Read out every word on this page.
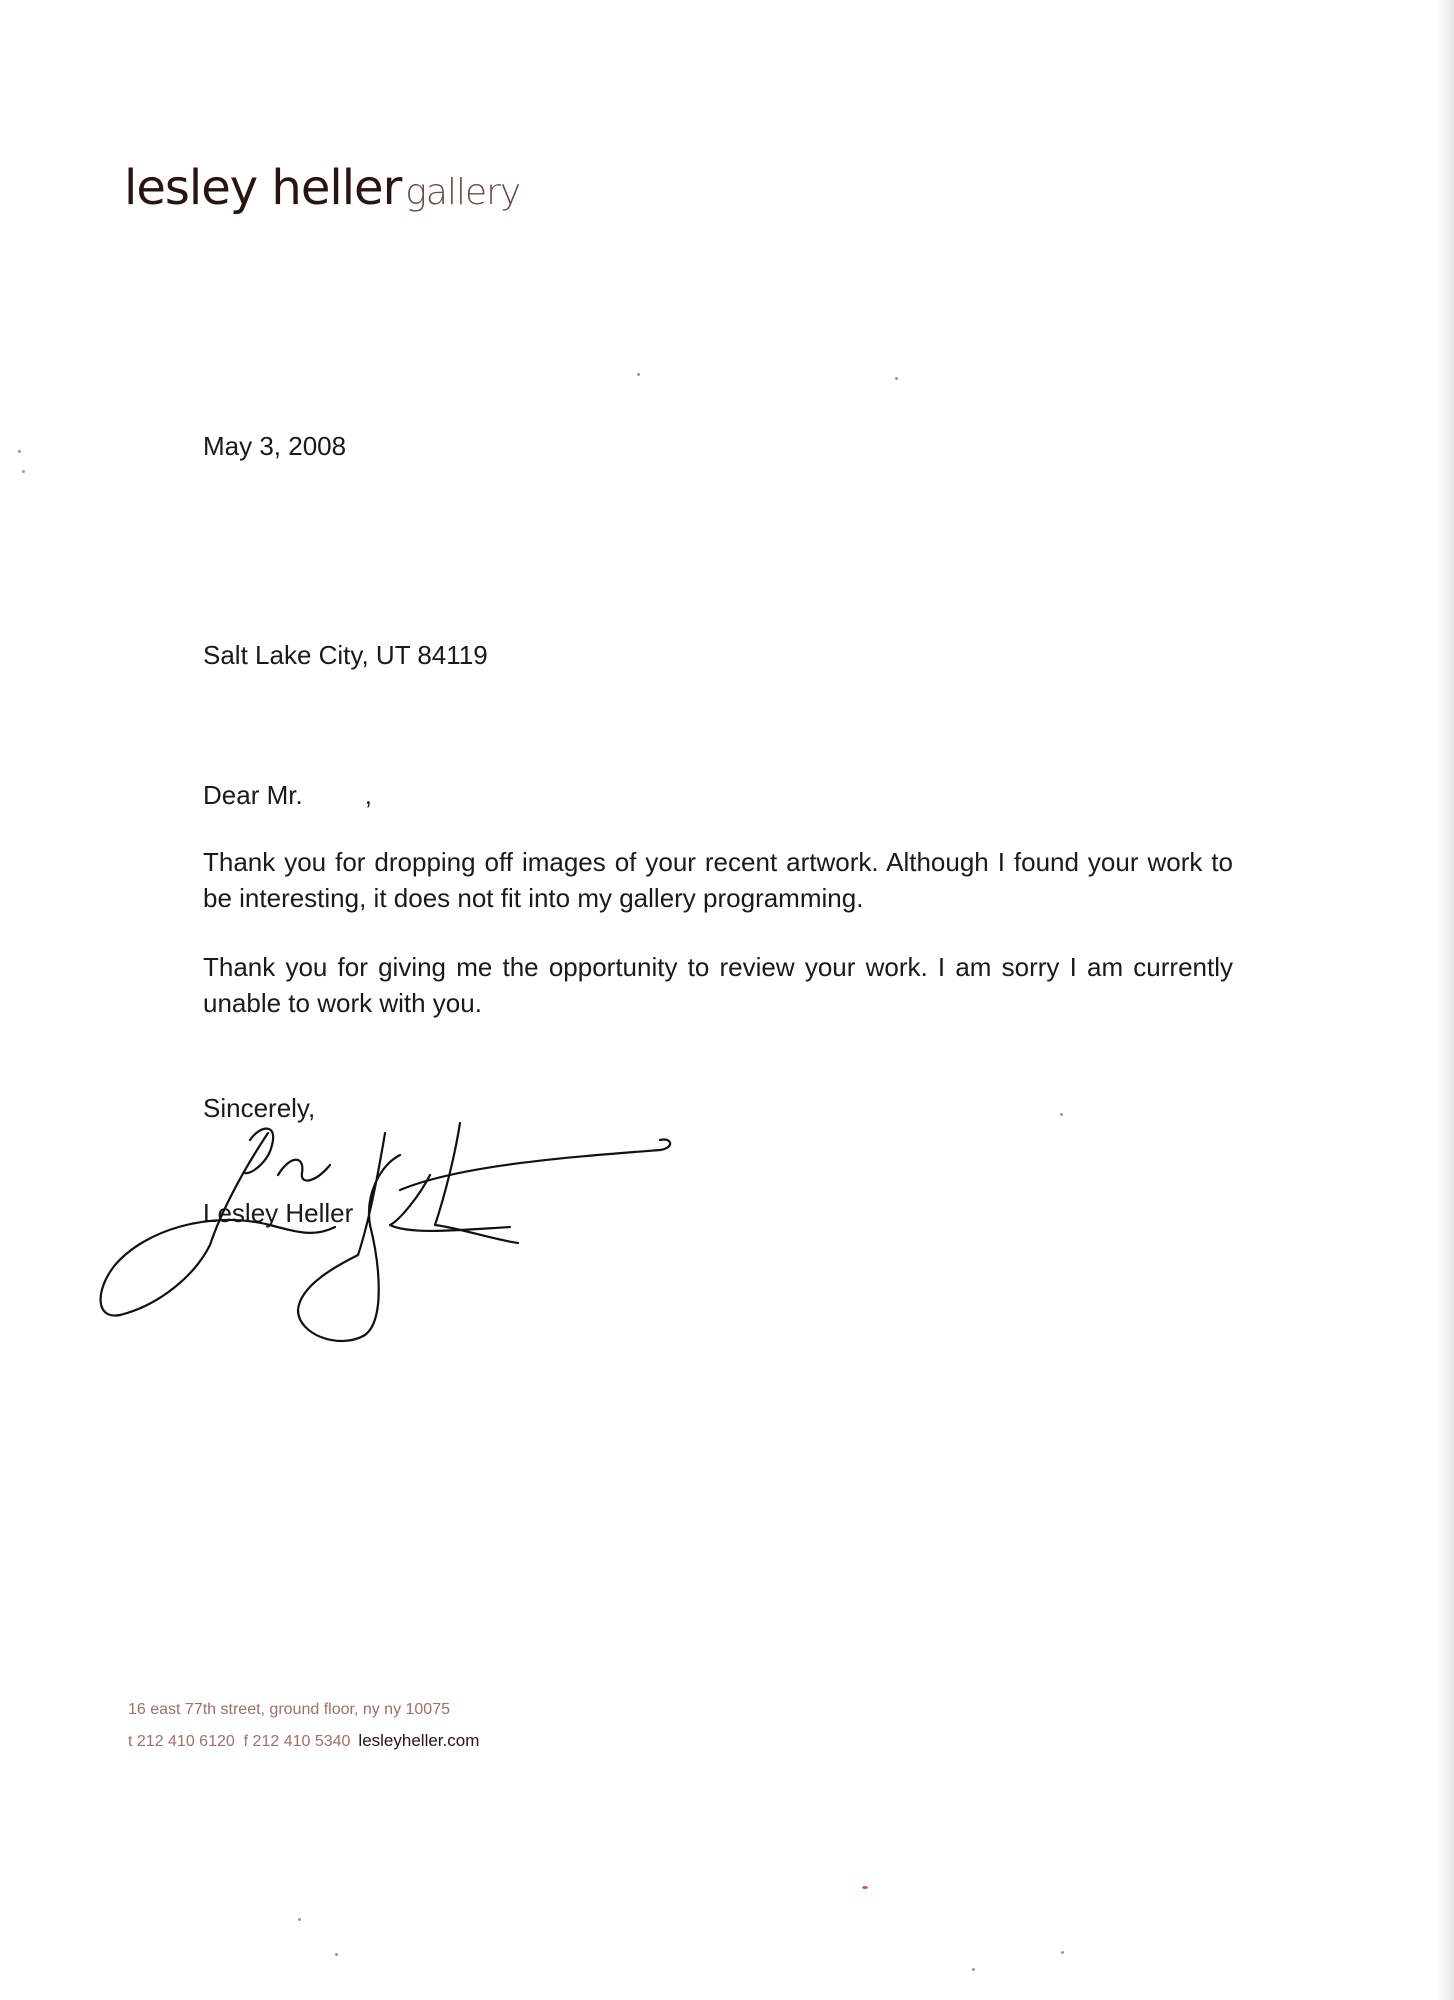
lesley heller gallery
May 3, 2008
Salt Lake City, UT 84119
Dear Mr. ,
Thank you for dropping off images of your recent artwork. Although I found your work to be interesting, it does not fit into my gallery programming.
Thank you for giving me the opportunity to review your work. I am sorry I am currently unable to work with you.
Sincerely,
Lesley Heller
16 east 77th street, ground floor, ny ny 10075
t 212 410 6120 f 212 410 5340 lesleyheller.com
